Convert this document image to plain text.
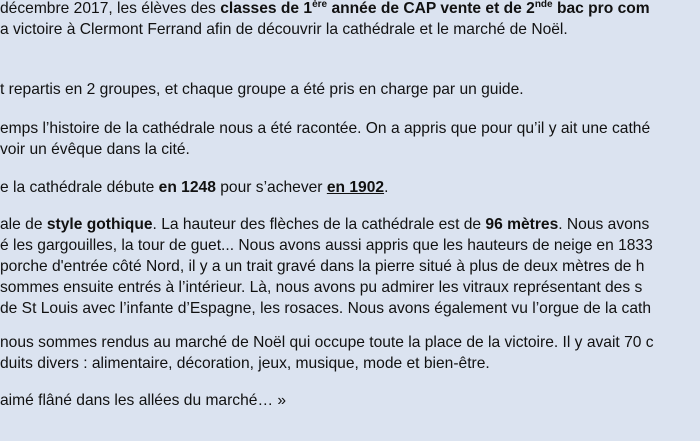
décembre 2017, les élèves des classes de 1ère année de CAP vente et de 2nde bac pro com
a victoire à Clermont Ferrand afin de découvrir la cathédrale et le marché de Noël.
t repartis en 2 groupes, et chaque groupe a été pris en charge par un guide.
emps l’histoire de la cathédrale nous a été racontée. On a appris que pour qu’il y ait une cathé
voir un évêque dans la cité.
e la cathédrale débute en 1248 pour s’achever en 1902.
ale de style gothique. La hauteur des flèches de la cathédrale est de 96 mètres. Nous avons
é les gargouilles, la tour de guet... Nous avons aussi appris que les hauteurs de neige en 1833
porche d'entrée côté Nord, il y a un trait gravé dans la pierre situé à plus de deux mètres de h
sommes ensuite entrés à l’intérieur. Là, nous avons pu admirer les vitraux représentant des s
de St Louis avec l’infante d’Espagne, les rosaces. Nous avons également vu l’orgue de la cath
nous sommes rendus au marché de Noël qui occupe toute la place de la victoire. Il y avait 70 c
duits divers : alimentaire, décoration, jeux, musique, mode et bien-être.
aimé flâné dans les allées du marché… »
